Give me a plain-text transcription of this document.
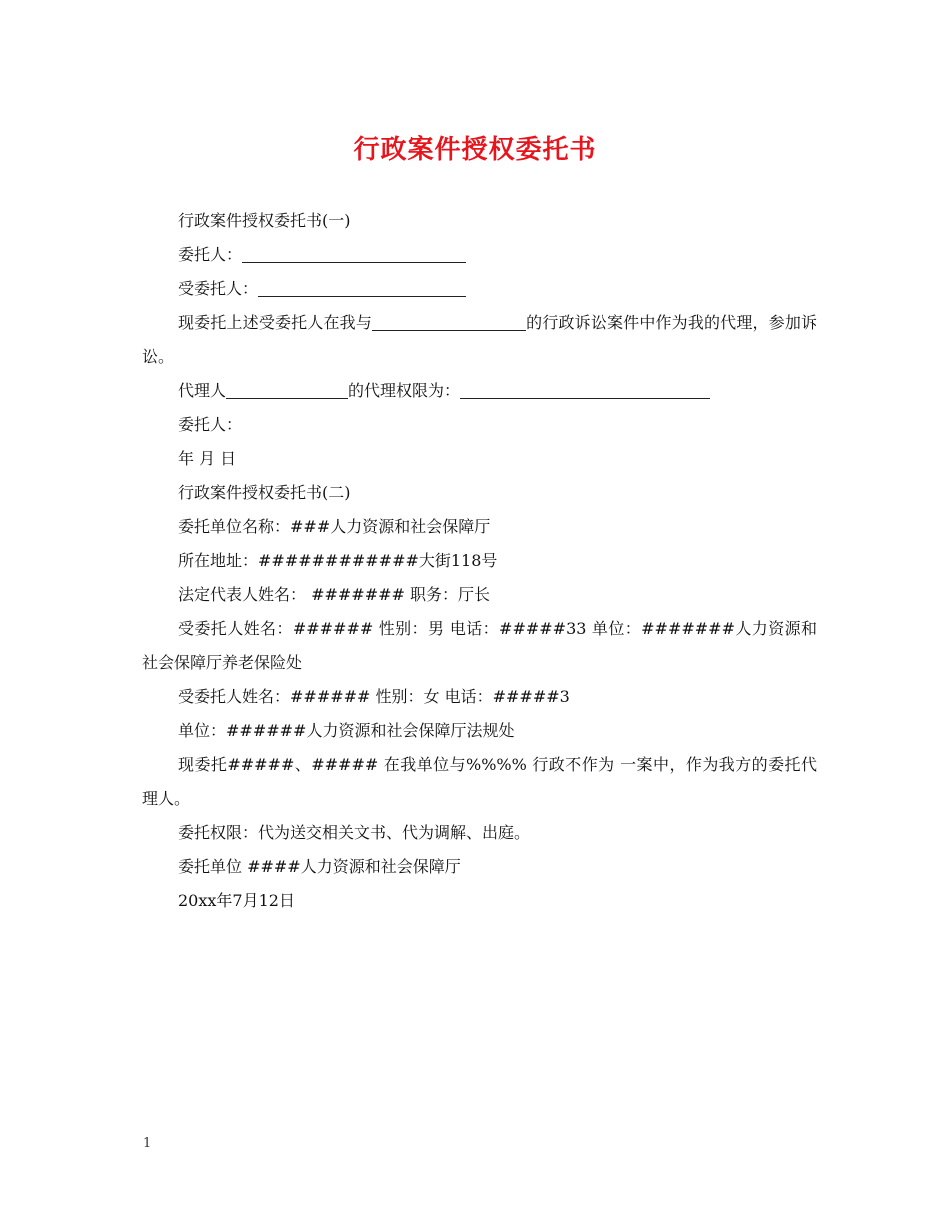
行政案件授权委托书
行政案件授权委托书(一)
委托人：
受委托人：
现委托上述受委托人在我与	的行政诉讼案件中作为我的代理，参加诉讼。
代理人	的代理权限为：
委托人：
年 月 日
行政案件授权委托书(二)
委托单位名称：###人力资源和社会保障厅
所在地址：############大街118号
法定代表人姓名： ####### 职务：厅长
受委托人姓名：###### 性别：男 电话：#####33 单位：#######人力资源和社会保障厅养老保险处
受委托人姓名：###### 性别：女 电话：#####3
单位：######人力资源和社会保障厅法规处
现委托#####、##### 在我单位与%%%% 行政不作为 一案中，作为我方的委托代理人。
委托权限：代为送交相关文书、代为调解、出庭。
委托单位 ####人力资源和社会保障厅
20xx年7月12日
1
